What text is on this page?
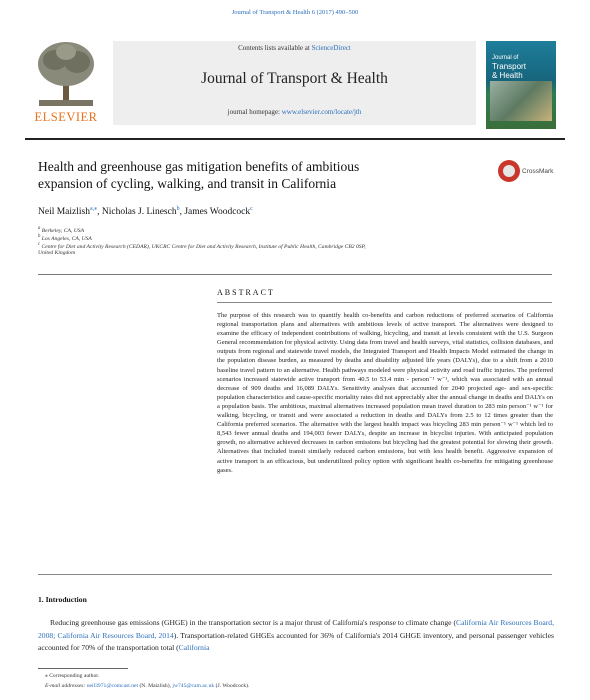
Journal of Transport & Health 6 (2017) 490–500
ELSEVIER
Contents lists available at ScienceDirect
Journal of Transport & Health
journal homepage: www.elsevier.com/locate/jth
Journal of
Transport
& Health
Health and greenhouse gas mitigation benefits of ambitious
expansion of cycling, walking, and transit in California
CrossMark
Neil Maizlish$^{a,⁎}$, Nicholas J. Linesch$^b$, James Woodcock$^c$
$^a$ Berkeley, CA, USA
$^b$ Los Angeles, CA, USA
$^c$ Centre for Diet and Activity Research (CEDAR), UKCRC Centre for Diet and Activity Research, Institute of Public Health, Cambridge CB2 0SP,
United Kingdom
ABSTRACT
The purpose of this research was to quantify health co-benefits and carbon reductions of preferred scenarios of California regional transportation plans and alternatives with ambitious levels of active transport. The alternatives were designed to examine the efficacy of independent contributions of walking, bicycling, and transit at levels consistent with the U.S. Surgeon General recommendation for physical activity. Using data from travel and health surveys, vital statistics, collision databases, and outputs from regional and statewide travel models, the Integrated Transport and Health Impacts Model estimated the change in the population disease burden, as measured by deaths and disability adjusted life years (DALYs), due to a shift from a 2010 baseline travel pattern to an alternative. Health pathways modeled were physical activity and road traffic injuries. The preferred scenarios increased statewide active transport from 40.5 to 53.4 min - person⁻¹ w⁻¹, which was associated with an annual decrease of 909 deaths and 16,089 DALYs. Sensitivity analyses that accounted for 2040 projected age- and sex-specific population characteristics and cause-specific mortality rates did not appreciably alter the annual change in deaths and DALYs on a population basis. The ambitious, maximal alternatives increased population mean travel duration to 283 min person⁻¹ w⁻¹ for walking, bicycling, or transit and were associated a reduction in deaths and DALYs from 2.5 to 12 times greater than the California preferred scenarios. The alternative with the largest health impact was bicycling 283 min person⁻¹ w⁻¹ which led to 8,543 fewer annual deaths and 194,003 fewer DALYs, despite an increase in bicyclist injuries. With anticipated population growth, no alternative achieved decreases in carbon emissions but bicycling had the greatest potential for slowing their growth. Alternatives that included transit similarly reduced carbon emissions, but with less health benefit. Aggressive expansion of active transport is an efficacious, but underutilized policy option with significant health co-benefits for mitigating greenhouse gases.
1. Introduction
Reducing greenhouse gas emissions (GHGE) in the transportation sector is a major thrust of California's response to climate change (California Air Resources Board, 2008; California Air Resources Board, 2014). Transportation-related GHGEs accounted for 36% of California's 2014 GHGE inventory, and personal passenger vehicles accounted for 70% of the transportation total (California
⁎ Corresponding author.
E-mail addresses: neil3971@comcast.net (N. Maizlish), jw745@cam.ac.uk (J. Woodcock).
